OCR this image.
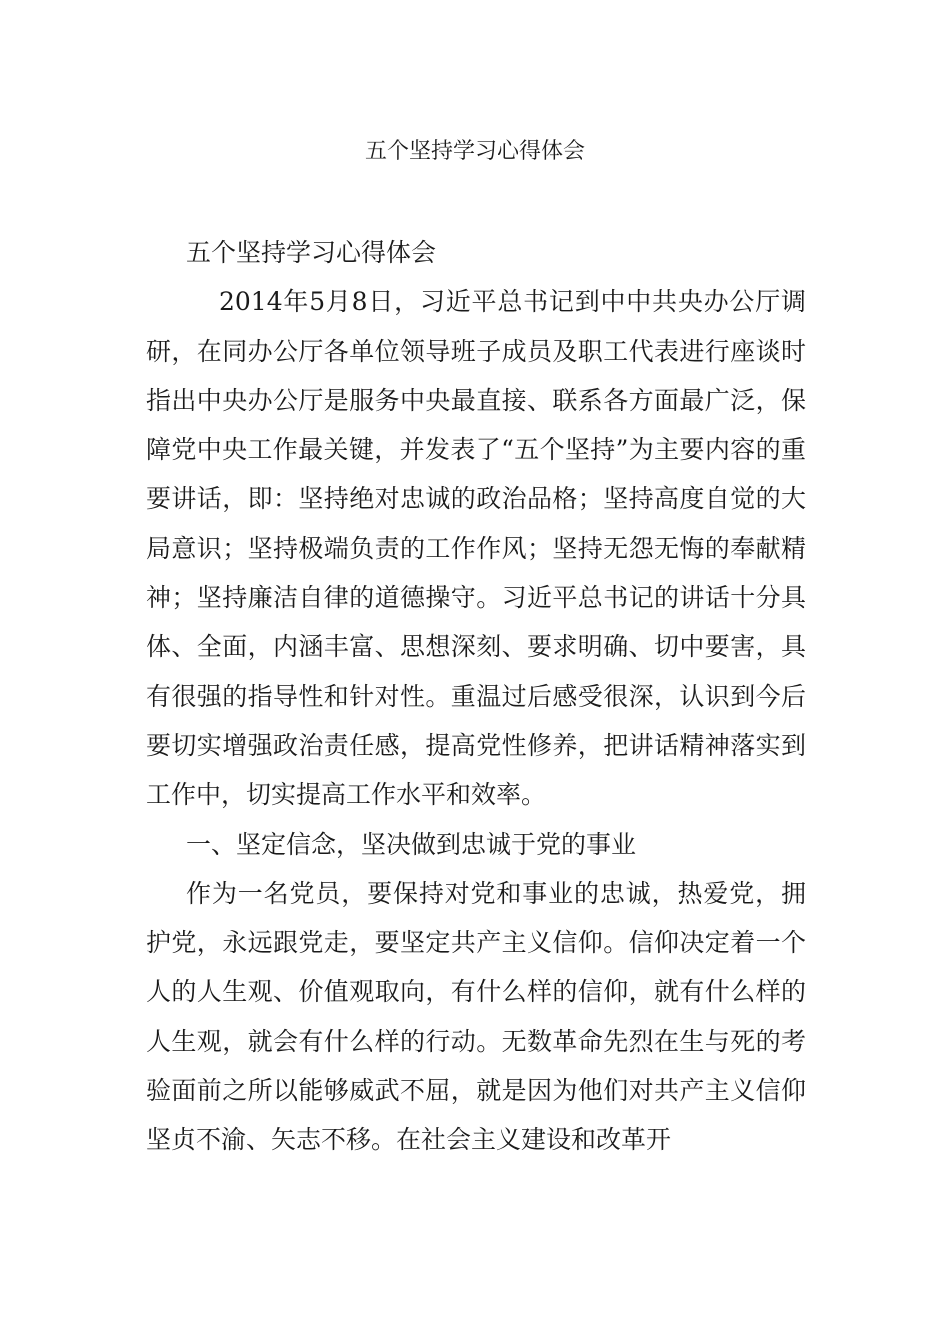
五个坚持学习心得体会

五个坚持学习心得体会

2014年5月8日，习近平总书记到中中共央办公厅调研，在同办公厅各单位领导班子成员及职工代表进行座谈时指出中央办公厅是服务中央最直接、联系各方面最广泛，保障党中央工作最关键，并发表了“五个坚持”为主要内容的重要讲话，即：坚持绝对忠诚的政治品格；坚持高度自觉的大局意识；坚持极端负责的工作作风；坚持无怨无悔的奉献精神；坚持廉洁自律的道德操守。习近平总书记的讲话十分具体、全面，内涵丰富、思想深刻、要求明确、切中要害，具有很强的指导性和针对性。重温过后感受很深，认识到今后要切实增强政治责任感，提高党性修养，把讲话精神落实到工作中，切实提高工作水平和效率。

一、坚定信念，坚决做到忠诚于党的事业

作为一名党员，要保持对党和事业的忠诚，热爱党，拥护党，永远跟党走，要坚定共产主义信仰。信仰决定着一个人的人生观、价值观取向，有什么样的信仰，就有什么样的人生观，就会有什么样的行动。无数革命先烈在生与死的考验面前之所以能够威武不屈，就是因为他们对共产主义信仰坚贞不渝、矢志不移。在社会主义建设和改革开
